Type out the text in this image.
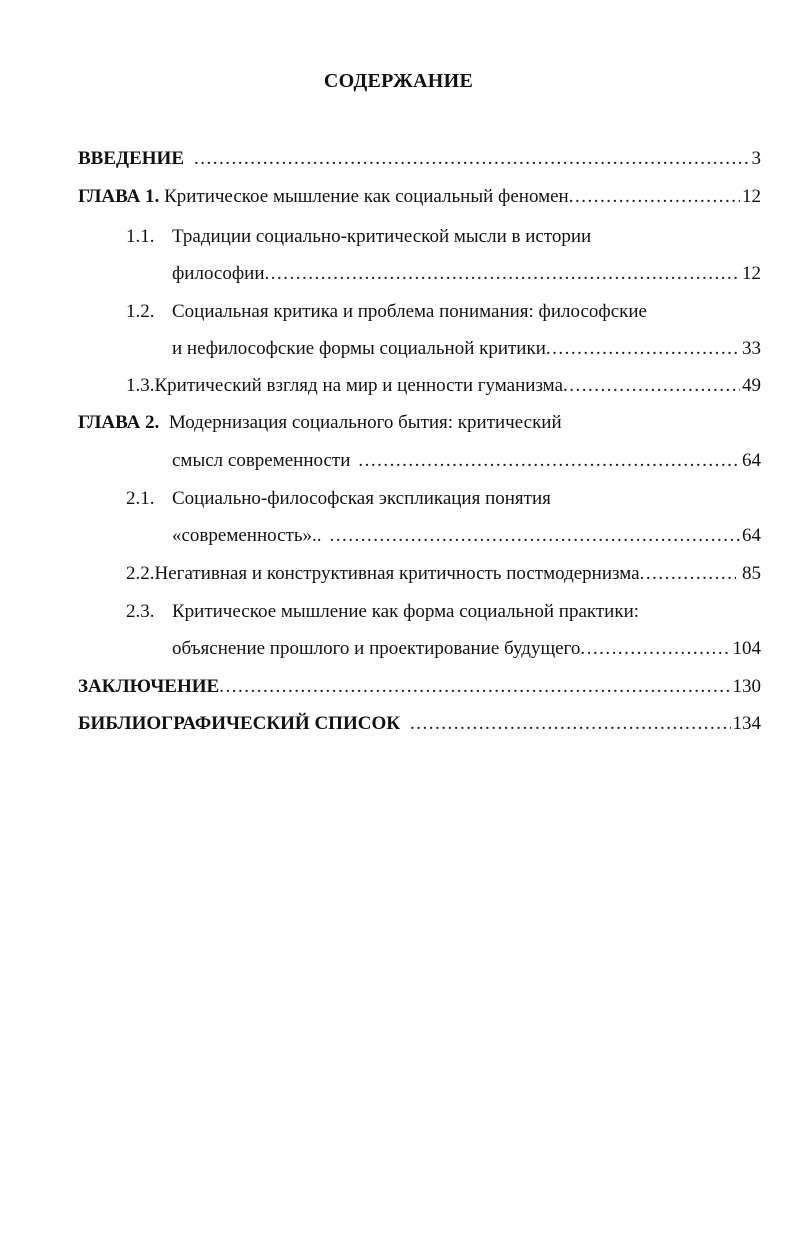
СОДЕРЖАНИЕ
ВВЕДЕНИЕ .....	3
ГЛАВА 1.
Критическое мышление как социальный феномен .....	12
1.1. Традиции социально-критической мысли в истории
философии .....	12
1.2. Социальная критика и проблема понимания: философские
и нефилософские формы социальной критики .....	33
1.3. Критический взгляд на мир и ценности гуманизма .....	49
ГЛАВА 2. Модернизация социального бытия: критический
смысл современности .....	64
2.1. Социально-философская экспликация понятия
«современность».. .....	64
2.2. Негативная и конструктивная критичность постмодернизма .....	85
2.3. Критическое мышление как форма социальной практики:
объяснение прошлого и проектирование будущего .....	104
ЗАКЛЮЧЕНИЕ .....	130
БИБЛИОГРАФИЧЕСКИЙ СПИСОК .....	134
